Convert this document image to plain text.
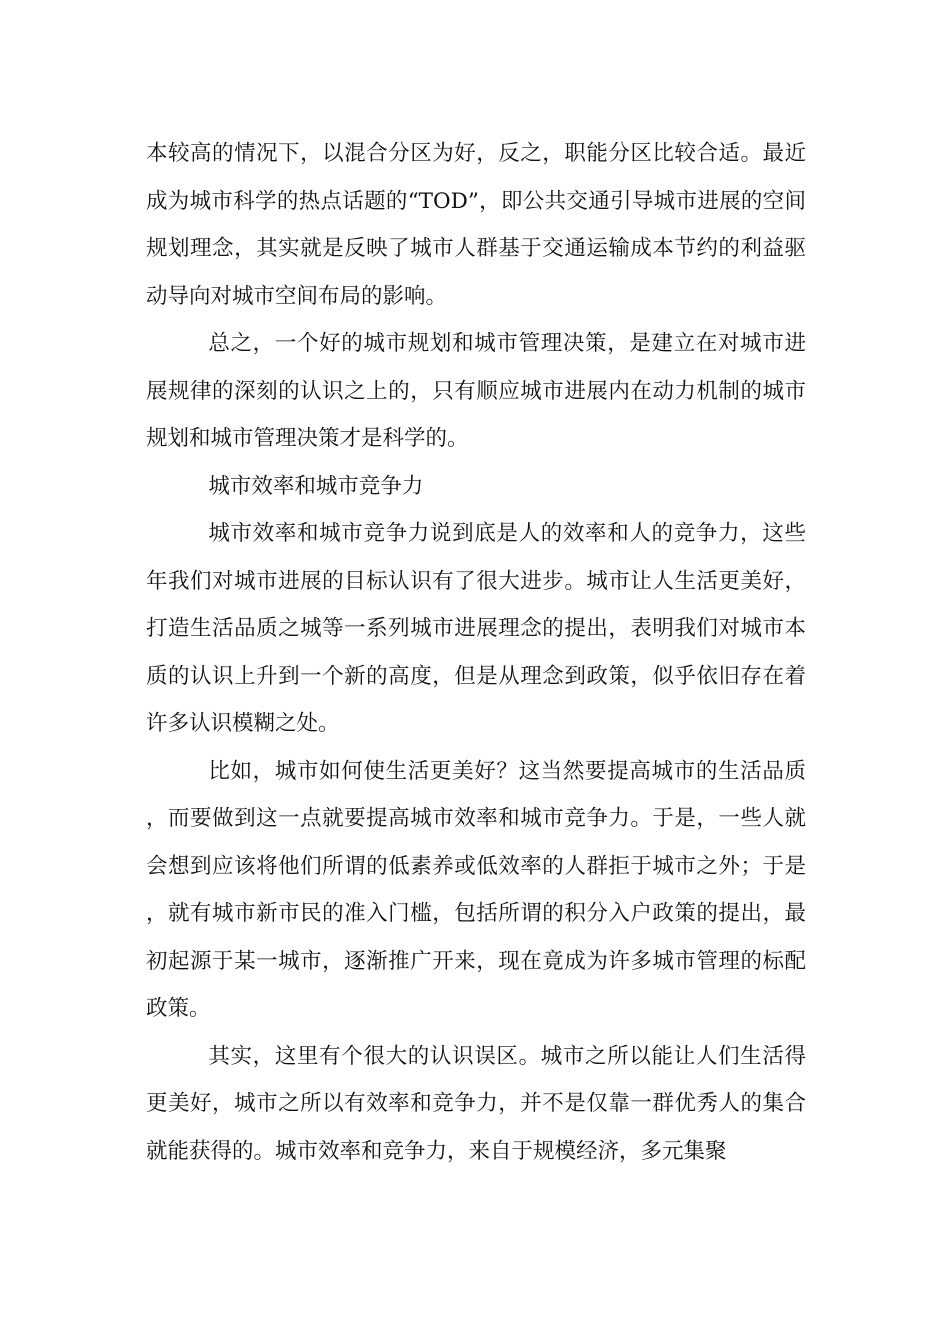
本较高的情况下，以混合分区为好，反之，职能分区比较合适。最近成为城市科学的热点话题的“TOD”，即公共交通引导城市进展的空间规划理念，其实就是反映了城市人群基于交通运输成本节约的利益驱动导向对城市空间布局的影响。

总之，一个好的城市规划和城市管理决策，是建立在对城市进展规律的深刻的认识之上的，只有顺应城市进展内在动力机制的城市规划和城市管理决策才是科学的。

城市效率和城市竞争力

城市效率和城市竞争力说到底是人的效率和人的竞争力，这些年我们对城市进展的目标认识有了很大进步。城市让人生活更美好，打造生活品质之城等一系列城市进展理念的提出，表明我们对城市本质的认识上升到一个新的高度，但是从理念到政策，似乎依旧存在着许多认识模糊之处。

比如，城市如何使生活更美好？这当然要提高城市的生活品质，而要做到这一点就要提高城市效率和城市竞争力。于是，一些人就会想到应该将他们所谓的低素养或低效率的人群拒于城市之外；于是，就有城市新市民的准入门槛，包括所谓的积分入户政策的提出，最初起源于某一城市，逐渐推广开来，现在竟成为许多城市管理的标配政策。

其实，这里有个很大的认识误区。城市之所以能让人们生活得更美好，城市之所以有效率和竞争力，并不是仅靠一群优秀人的集合就能获得的。城市效率和竞争力，来自于规模经济，多元集聚
